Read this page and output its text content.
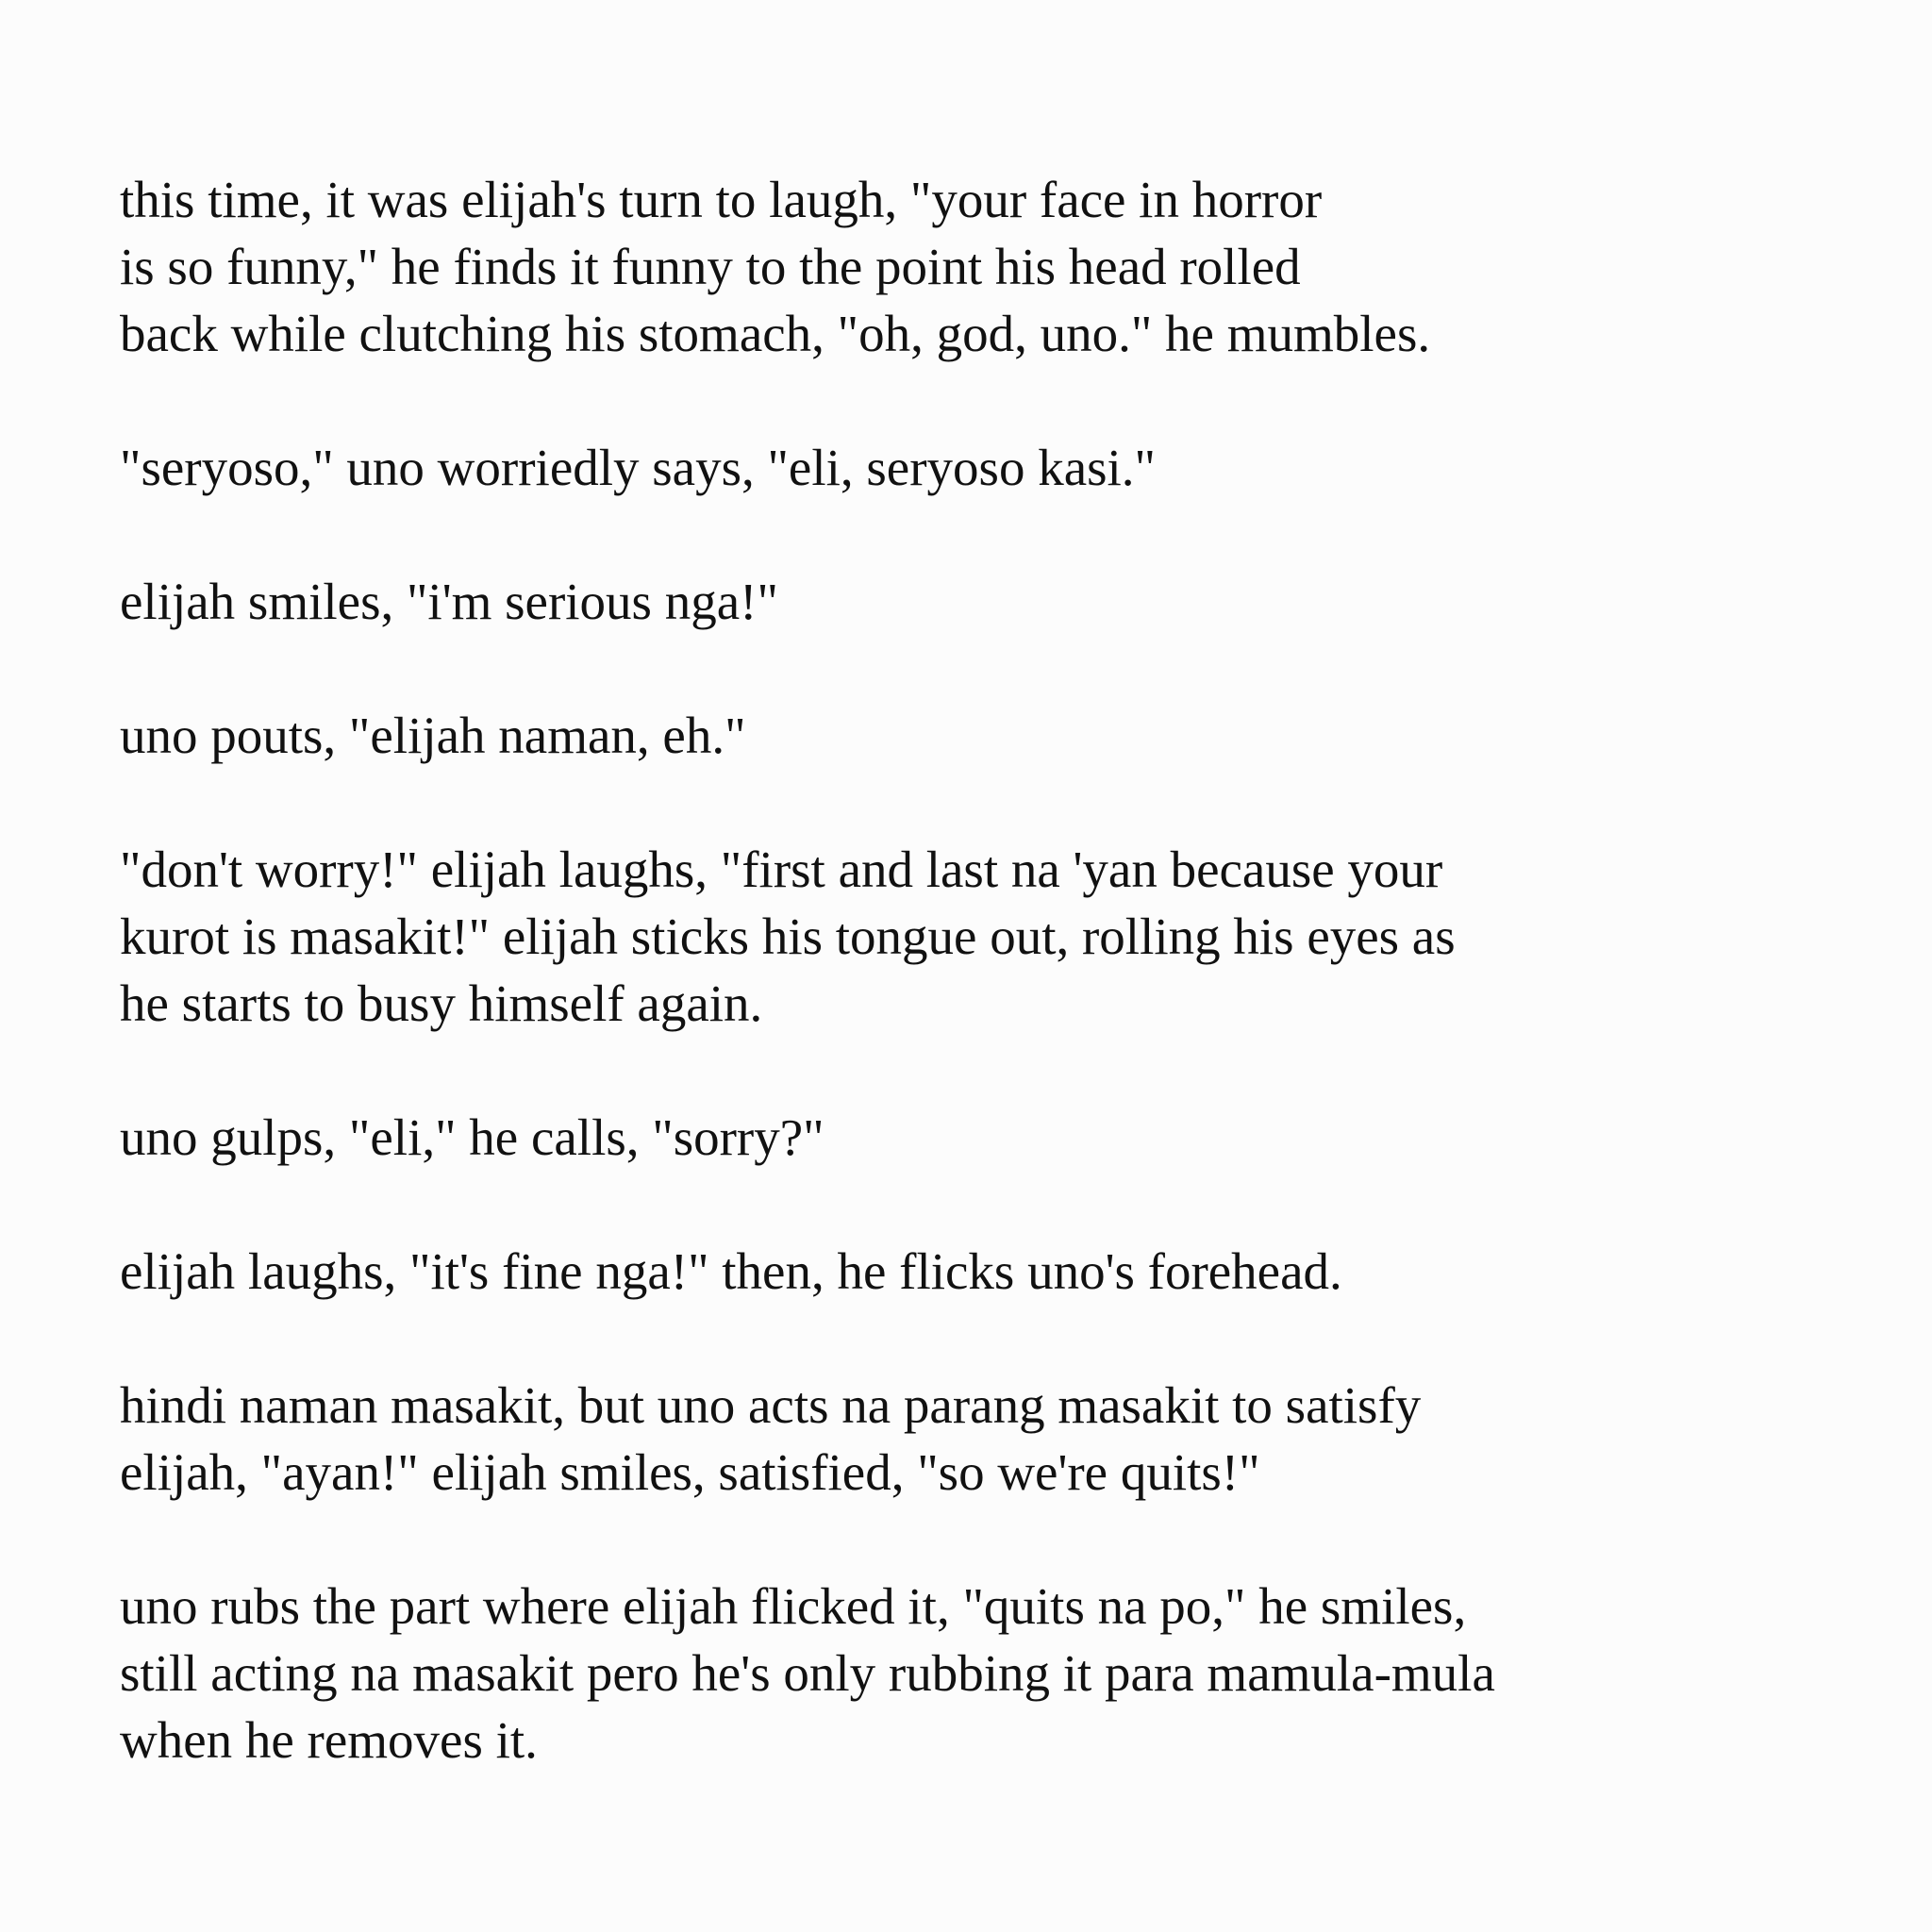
this time, it was elijah's turn to laugh, "your face in horror
is so funny," he finds it funny to the point his head rolled
back while clutching his stomach, "oh, god, uno." he mumbles.

"seryoso," uno worriedly says, "eli, seryoso kasi."

elijah smiles, "i'm serious nga!"

uno pouts, "elijah naman, eh."

"don't worry!" elijah laughs, "first and last na 'yan because your
kurot is masakit!" elijah sticks his tongue out, rolling his eyes as
he starts to busy himself again.

uno gulps, "eli," he calls, "sorry?"

elijah laughs, "it's fine nga!" then, he flicks uno's forehead.

hindi naman masakit, but uno acts na parang masakit to satisfy
elijah, "ayan!" elijah smiles, satisfied, "so we're quits!"

uno rubs the part where elijah flicked it, "quits na po," he smiles,
still acting na masakit pero he's only rubbing it para mamula-mula
when he removes it.
